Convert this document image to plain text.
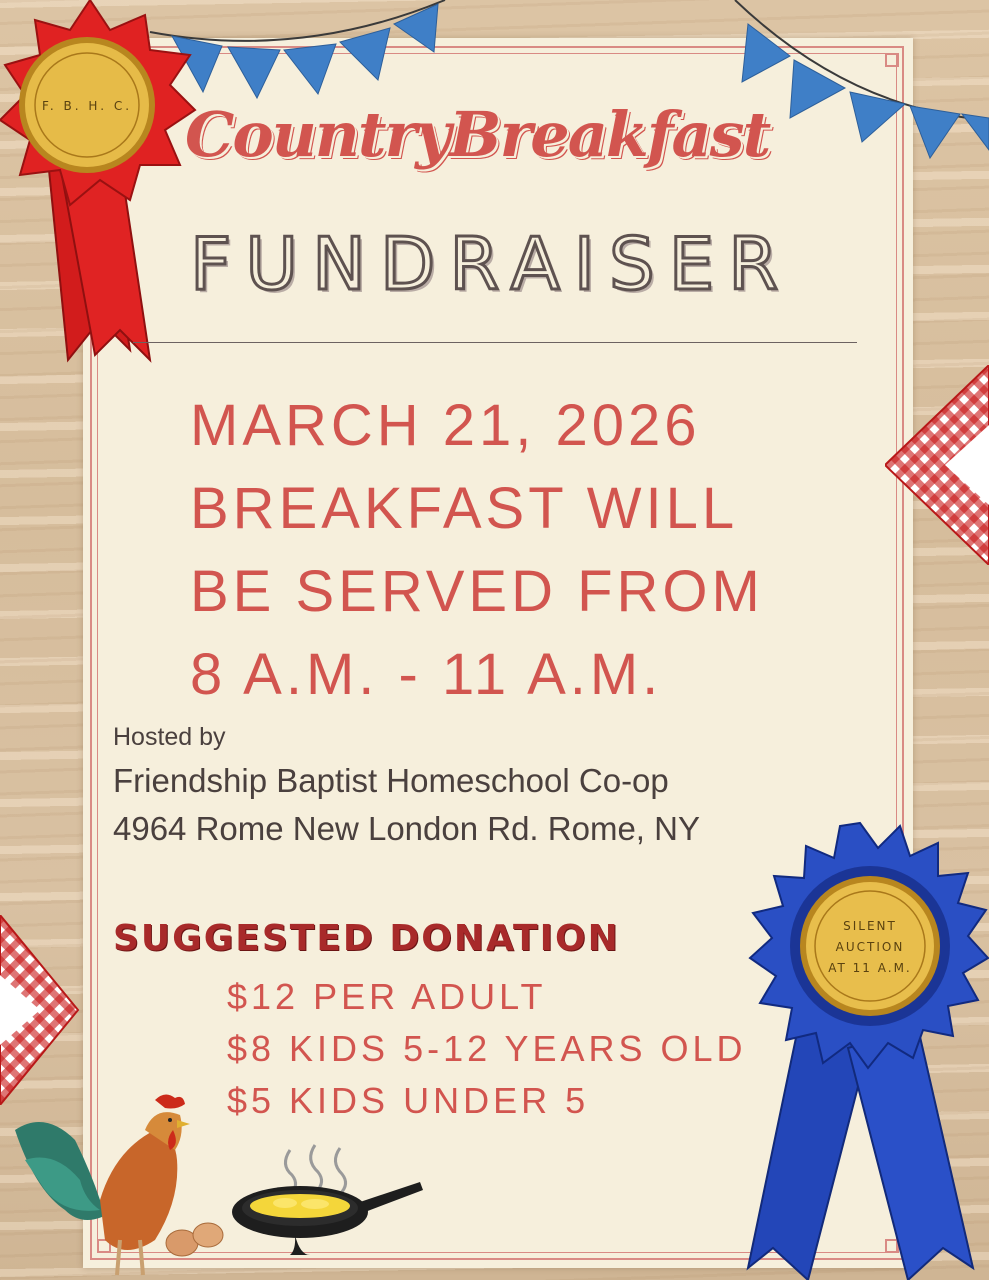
F. B. H. C. CountryBreakfast
FUNDRAISER
MARCH 21, 2026
BREAKFAST WILL
BE SERVED FROM
8 A.M. - 11 A.M.
Hosted by
Friendship Baptist Homeschool Co-op
4964 Rome New London Rd. Rome, NY
SUGGESTED DONATION
$12 PER ADULT
$8 KIDS 5-12 YEARS OLD
$5 KIDS UNDER 5
SILENT
AUCTION
AT 11 A.M.
